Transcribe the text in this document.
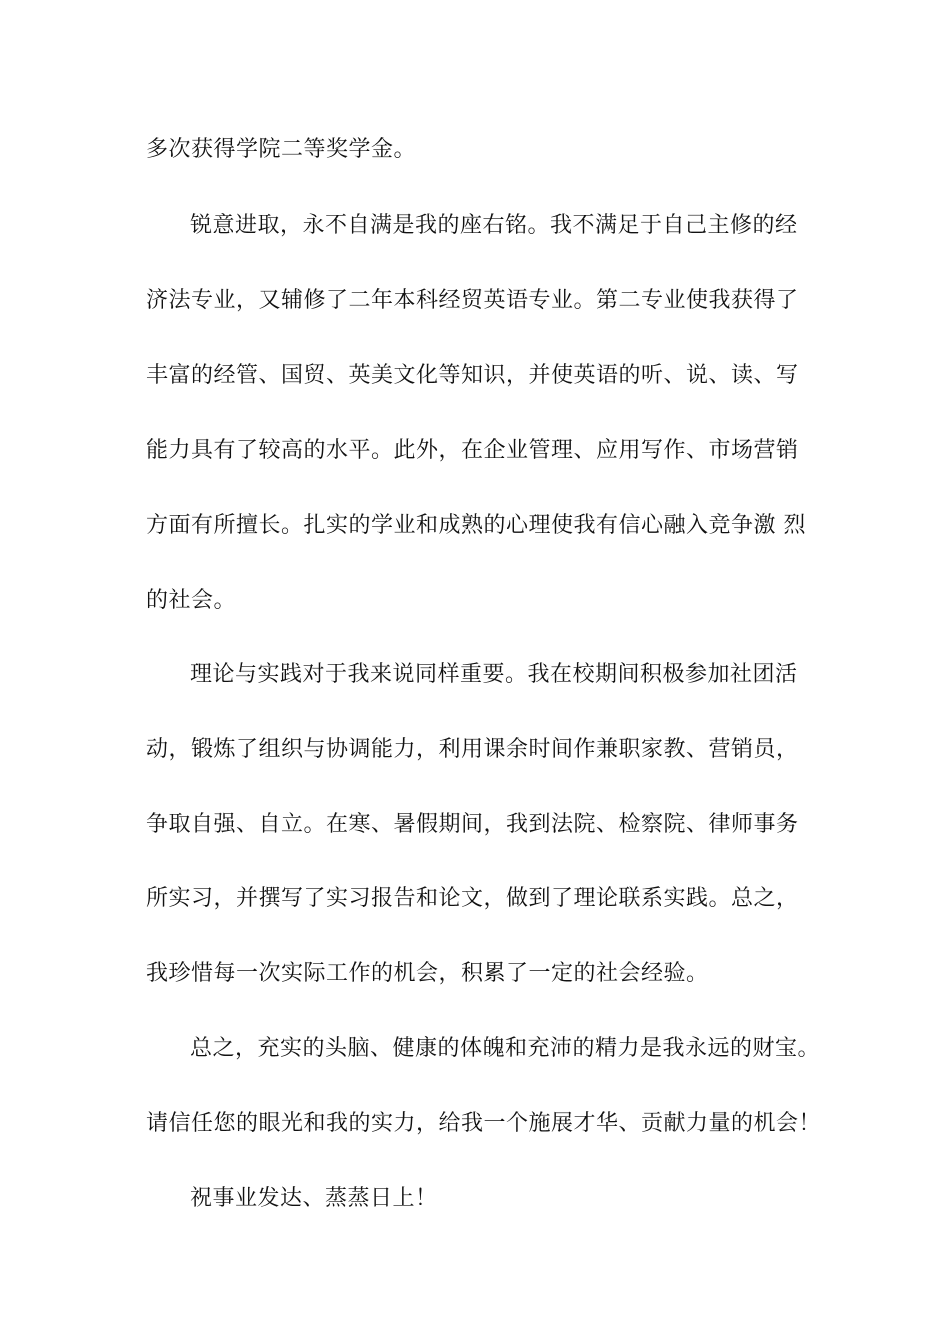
多次获得学院二等奖学金。
锐意进取，永不自满是我的座右铭。我不满足于自己主修的经
济法专业，又辅修了二年本科经贸英语专业。第二专业使我获得了
丰富的经管、国贸、英美文化等知识，并使英语的听、说、读、写
能力具有了较高的水平。此外，在企业管理、应用写作、市场营销
方面有所擅长。扎实的学业和成熟的心理使我有信心融入竞争激 烈
的社会。
理论与实践对于我来说同样重要。我在校期间积极参加社团活
动，锻炼了组织与协调能力，利用课余时间作兼职家教、营销员，
争取自强、自立。在寒、暑假期间，我到法院、检察院、律师事务
所实习，并撰写了实习报告和论文，做到了理论联系实践。总之，
我珍惜每一次实际工作的机会，积累了一定的社会经验。
总之，充实的头脑、健康的体魄和充沛的精力是我永远的财宝。
请信任您的眼光和我的实力，给我一个施展才华、贡献力量的机会！
祝事业发达、蒸蒸日上！
